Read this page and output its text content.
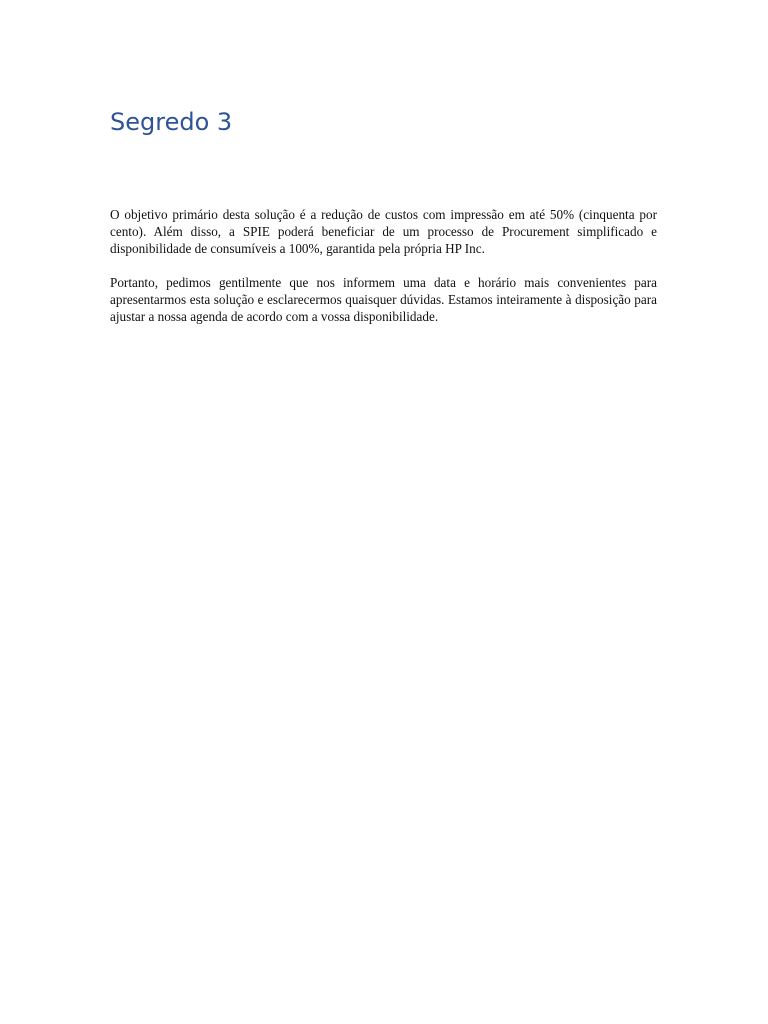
Segredo 3

O objetivo primário desta solução é a redução de custos com impressão em até 50% (cinquenta por cento). Além disso, a SPIE poderá beneficiar de um processo de Procurement simplificado e disponibilidade de consumíveis a 100%, garantida pela própria HP Inc.

Portanto, pedimos gentilmente que nos informem uma data e horário mais convenientes para apresentarmos esta solução e esclarecermos quaisquer dúvidas. Estamos inteiramente à disposição para ajustar a nossa agenda de acordo com a vossa disponibilidade.
